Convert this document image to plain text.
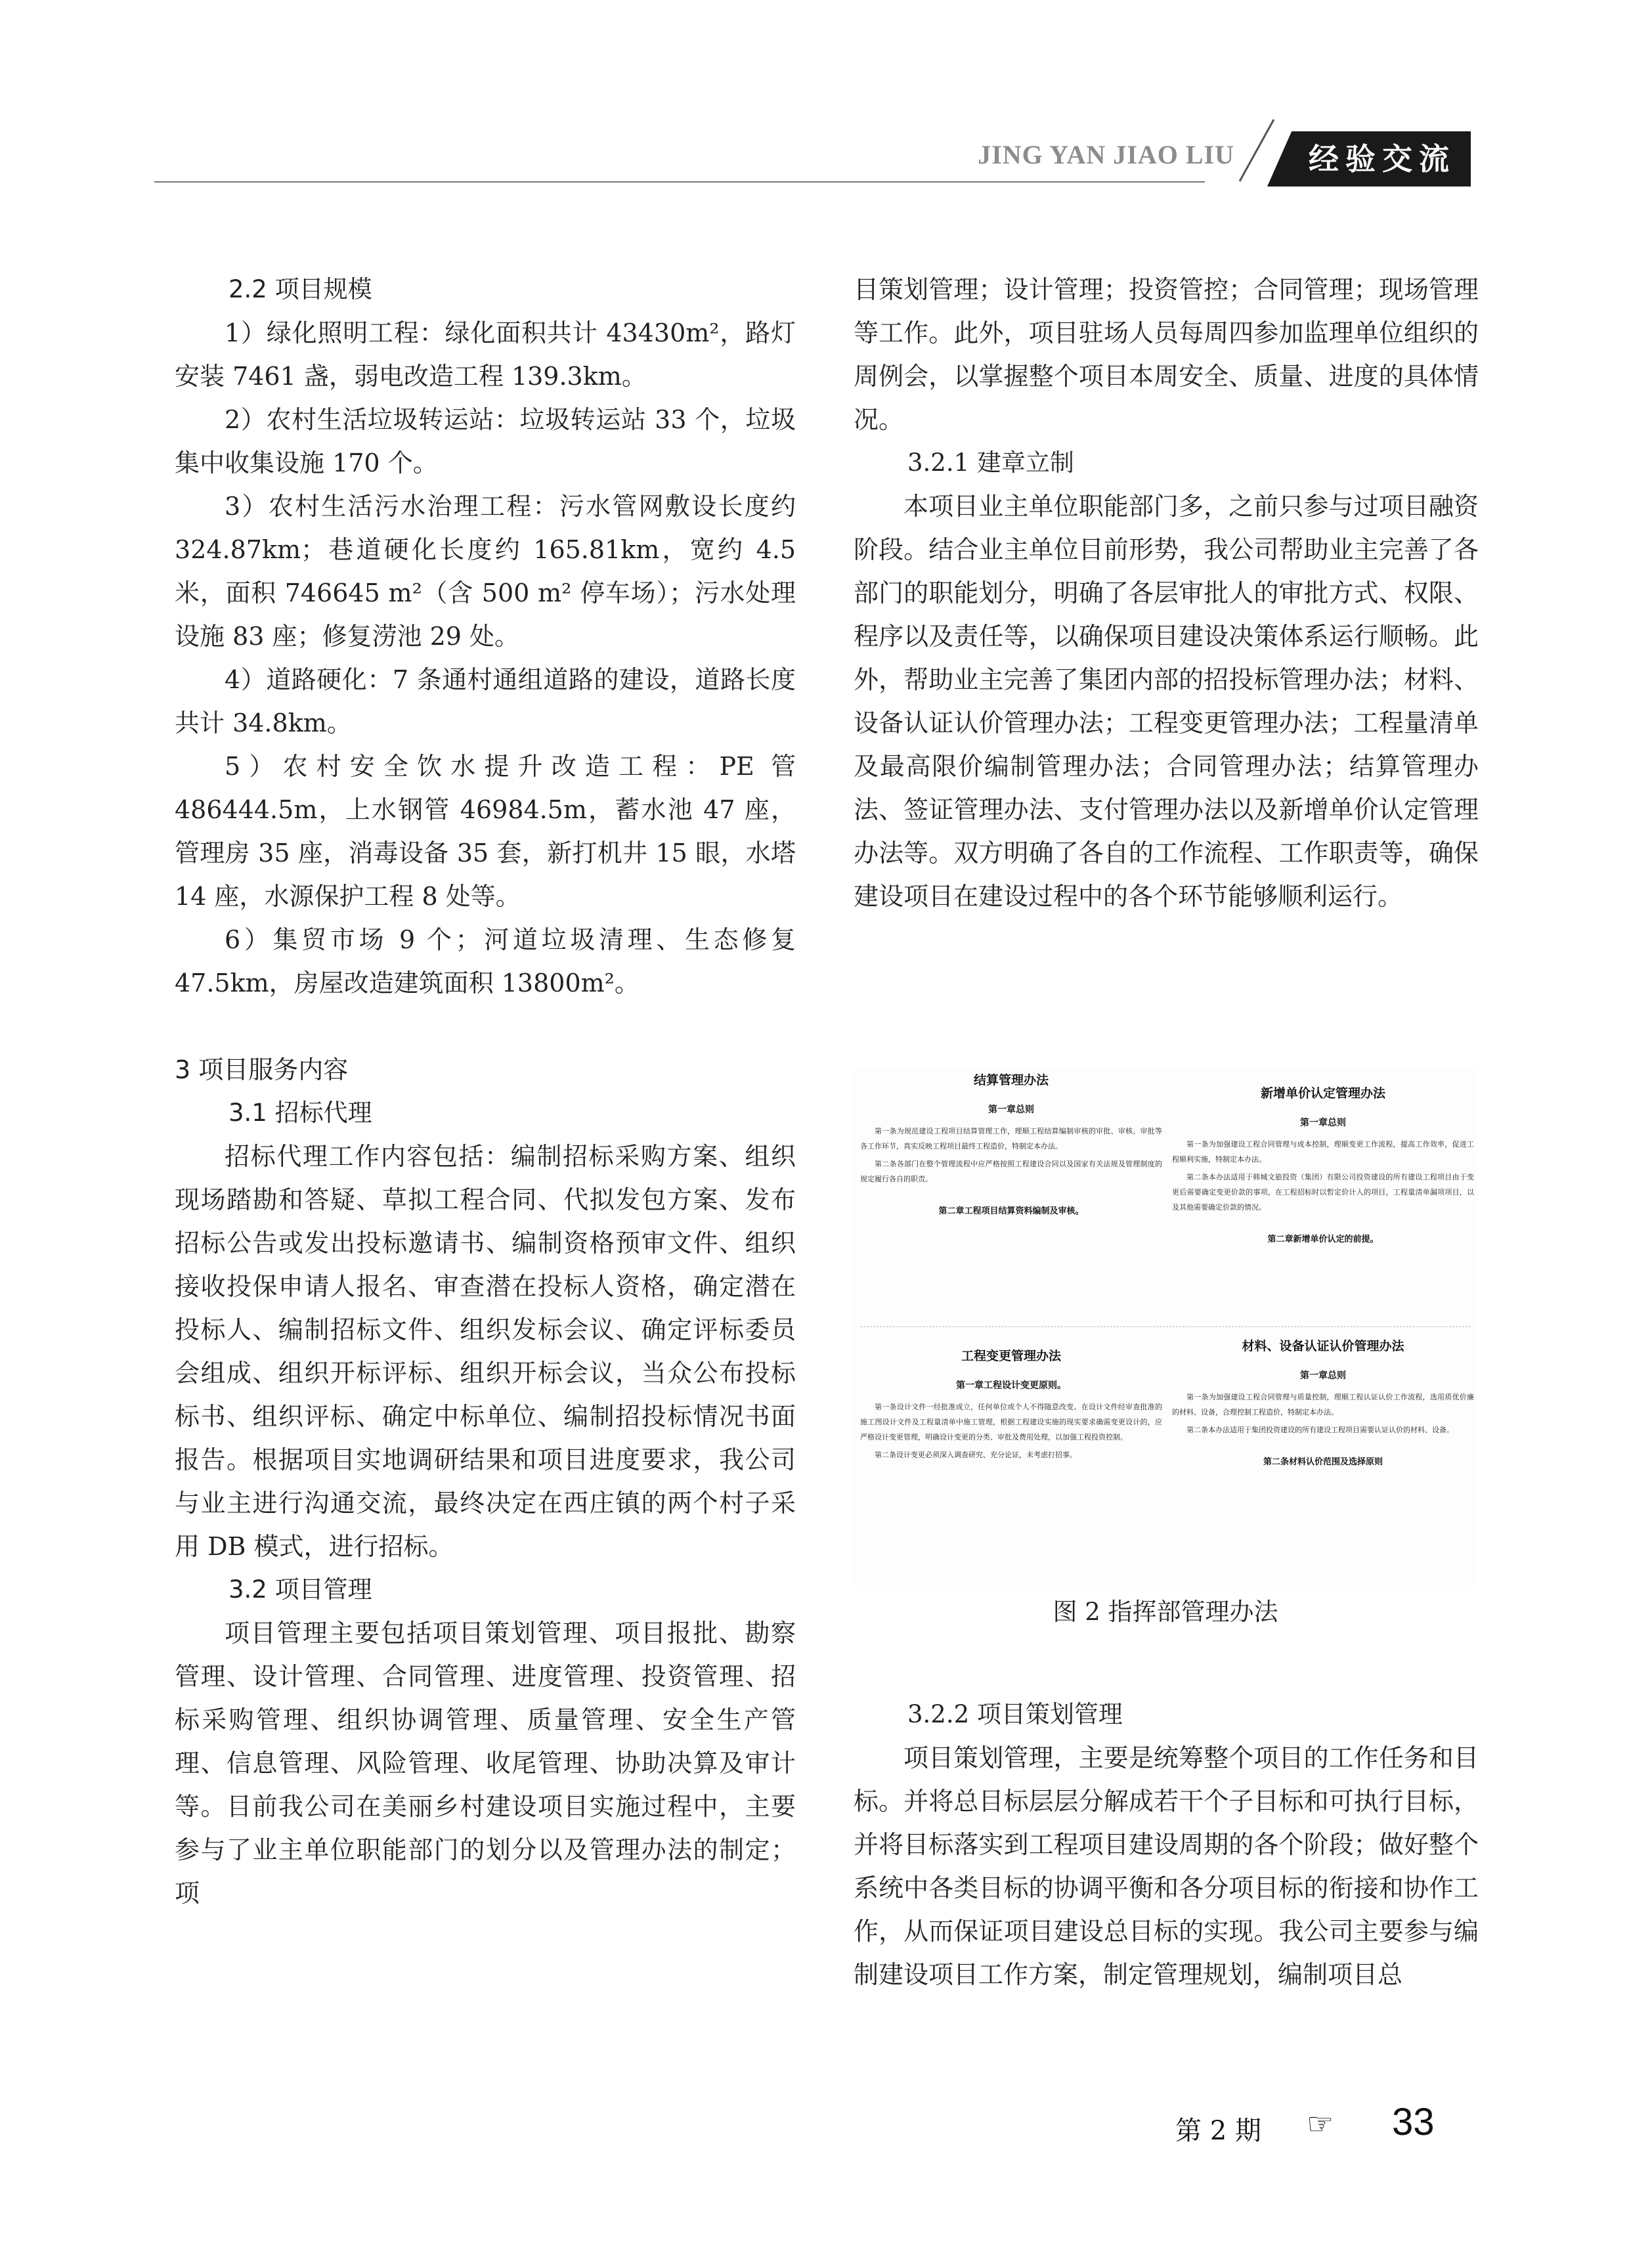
JING YAN JIAO LIU	经验交流

2.2 项目规模

1）绿化照明工程：绿化面积共计 43430m²，路灯安装 7461 盏，弱电改造工程 139.3km。

2）农村生活垃圾转运站：垃圾转运站 33 个，垃圾集中收集设施 170 个。

3）农村生活污水治理工程：污水管网敷设长度约 324.87km；巷道硬化长度约 165.81km，宽约 4.5 米，面积 746645 m²（含 500 m² 停车场）；污水处理设施 83 座；修复涝池 29 处。

4）道路硬化：7 条通村通组道路的建设，道路长度共计 34.8km。

5）农村安全饮水提升改造工程：PE 管 486444.5m，上水钢管 46984.5m，蓄水池 47 座，管理房 35 座，消毒设备 35 套，新打机井 15 眼，水塔 14 座，水源保护工程 8 处等。

6）集贸市场 9 个；河道垃圾清理、生态修复 47.5km，房屋改造建筑面积 13800m²。

3 项目服务内容

3.1 招标代理

招标代理工作内容包括：编制招标采购方案、组织现场踏勘和答疑、草拟工程合同、代拟发包方案、发布招标公告或发出投标邀请书、编制资格预审文件、组织接收投保申请人报名、审查潜在投标人资格，确定潜在投标人、编制招标文件、组织发标会议、确定评标委员会组成、组织开标评标、组织开标会议，当众公布投标标书、组织评标、确定中标单位、编制招投标情况书面报告。根据项目实地调研结果和项目进度要求，我公司与业主进行沟通交流，最终决定在西庄镇的两个村子采用 DB 模式，进行招标。

3.2 项目管理

项目管理主要包括项目策划管理、项目报批、勘察管理、设计管理、合同管理、进度管理、投资管理、招标采购管理、组织协调管理、质量管理、安全生产管理、信息管理、风险管理、收尾管理、协助决算及审计等。目前我公司在美丽乡村建设项目实施过程中，主要参与了业主单位职能部门的划分以及管理办法的制定；项

目策划管理；设计管理；投资管控；合同管理；现场管理等工作。此外，项目驻场人员每周四参加监理单位组织的周例会，以掌握整个项目本周安全、质量、进度的具体情况。

3.2.1 建章立制

本项目业主单位职能部门多，之前只参与过项目融资阶段。结合业主单位目前形势，我公司帮助业主完善了各部门的职能划分，明确了各层审批人的审批方式、权限、程序以及责任等，以确保项目建设决策体系运行顺畅。此外，帮助业主完善了集团内部的招投标管理办法；材料、设备认证认价管理办法；工程变更管理办法；工程量清单及最高限价编制管理办法；合同管理办法；结算管理办法、签证管理办法、支付管理办法以及新增单价认定管理办法等。双方明确了各自的工作流程、工作职责等，确保建设项目在建设过程中的各个环节能够顺利运行。

结算管理办法

第一章总则

第一条为规范建设工程项目结算管理工作，理顺工程结算编制审核的审批、审核、审批等各工作环节，真实反映工程项目最终工程造价，特制定本办法。

第二条各部门在整个管理流程中应严格按照工程建设合同以及国家有关法规及管理制度的规定履行各自的职责。

第二章工程项目结算资料编制及审核。

新增单价认定管理办法

第一章总则

第一条为加强建设工程合同管理与成本控制，理顺变更工作流程，提高工作效率，促进工程顺利实施，特制定本办法。

第二条本办法适用于韩城文旅投资（集团）有限公司投资建设的所有建设工程项目由于变更后需要确定变更价款的事项，在工程招标时以暂定价计入的项目，工程量清单漏项项目，以及其他需要确定价款的情况。

第二章新增单价认定的前提。

工程变更管理办法

第一章工程设计变更原则。

第一条设计文件一经批准成立，任何单位或个人不得随意改变。在设计文件经审查批准的施工图设计文件及工程量清单中施工管理，根据工程建设实施的现实要求确需变更设计的，应严格设计变更管理，明确设计变更的分类、审批及费用处理，以加强工程投资控制。

第二条设计变更必须深入调查研究、充分论证，未考虑打招事。

材料、设备认证认价管理办法

第一章总则

第一条为加强建设工程合同管理与质量控制，理顺工程认证认价工作流程，选用质优价廉的材料、设备，合理控制工程造价，特制定本办法。

第二条本办法适用于集团投资建设的所有建设工程项目需要认证认价的材料、设备。

第二条材料认价范围及选择原则

图 2 指挥部管理办法

3.2.2 项目策划管理

项目策划管理，主要是统筹整个项目的工作任务和目标。并将总目标层层分解成若干个子目标和可执行目标，并将目标落实到工程项目建设周期的各个阶段；做好整个系统中各类目标的协调平衡和各分项目标的衔接和协作工作，从而保证项目建设总目标的实现。我公司主要参与编制建设项目工作方案，制定管理规划，编制项目总

第 2 期 ☞ 33
